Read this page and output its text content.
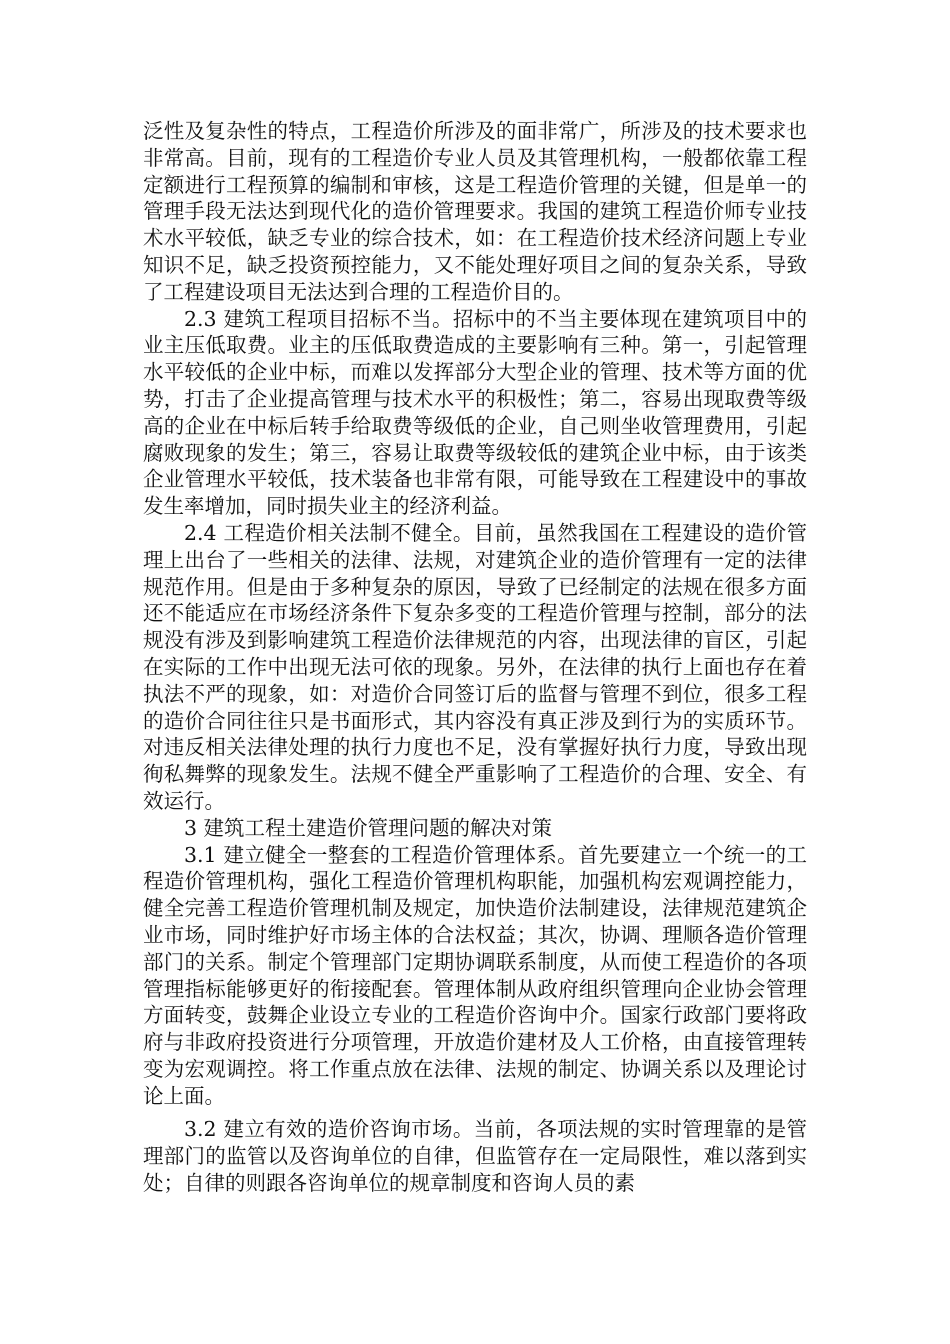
泛性及复杂性的特点，工程造价所涉及的面非常广，所涉及的技术要求也非常高。目前，现有的工程造价专业人员及其管理机构，一般都依靠工程定额进行工程预算的编制和审核，这是工程造价管理的关键，但是单一的管理手段无法达到现代化的造价管理要求。我国的建筑工程造价师专业技术水平较低，缺乏专业的综合技术，如：在工程造价技术经济问题上专业知识不足，缺乏投资预控能力，又不能处理好项目之间的复杂关系，导致了工程建设项目无法达到合理的工程造价目的。

2.3 建筑工程项目招标不当。招标中的不当主要体现在建筑项目中的业主压低取费。业主的压低取费造成的主要影响有三种。第一，引起管理水平较低的企业中标，而难以发挥部分大型企业的管理、技术等方面的优势，打击了企业提高管理与技术水平的积极性；第二，容易出现取费等级高的企业在中标后转手给取费等级低的企业，自己则坐收管理费用，引起腐败现象的发生；第三，容易让取费等级较低的建筑企业中标，由于该类企业管理水平较低，技术装备也非常有限，可能导致在工程建设中的事故发生率增加，同时损失业主的经济利益。

2.4 工程造价相关法制不健全。目前，虽然我国在工程建设的造价管理上出台了一些相关的法律、法规，对建筑企业的造价管理有一定的法律规范作用。但是由于多种复杂的原因，导致了已经制定的法规在很多方面还不能适应在市场经济条件下复杂多变的工程造价管理与控制，部分的法规没有涉及到影响建筑工程造价法律规范的内容，出现法律的盲区，引起在实际的工作中出现无法可依的现象。另外，在法律的执行上面也存在着执法不严的现象，如：对造价合同签订后的监督与管理不到位，很多工程的造价合同往往只是书面形式，其内容没有真正涉及到行为的实质环节。对违反相关法律处理的执行力度也不足，没有掌握好执行力度，导致出现徇私舞弊的现象发生。法规不健全严重影响了工程造价的合理、安全、有效运行。

3 建筑工程土建造价管理问题的解决对策

3.1 建立健全一整套的工程造价管理体系。首先要建立一个统一的工程造价管理机构，强化工程造价管理机构职能，加强机构宏观调控能力，健全完善工程造价管理机制及规定，加快造价法制建设，法律规范建筑企业市场，同时维护好市场主体的合法权益；其次，协调、理顺各造价管理部门的关系。制定个管理部门定期协调联系制度，从而使工程造价的各项管理指标能够更好的衔接配套。管理体制从政府组织管理向企业协会管理方面转变，鼓舞企业设立专业的工程造价咨询中介。国家行政部门要将政府与非政府投资进行分项管理，开放造价建材及人工价格，由直接管理转变为宏观调控。将工作重点放在法律、法规的制定、协调关系以及理论讨论上面。

3.2 建立有效的造价咨询市场。当前，各项法规的实时管理靠的是管理部门的监管以及咨询单位的自律，但监管存在一定局限性，难以落到实处；自律的则跟各咨询单位的规章制度和咨询人员的素
